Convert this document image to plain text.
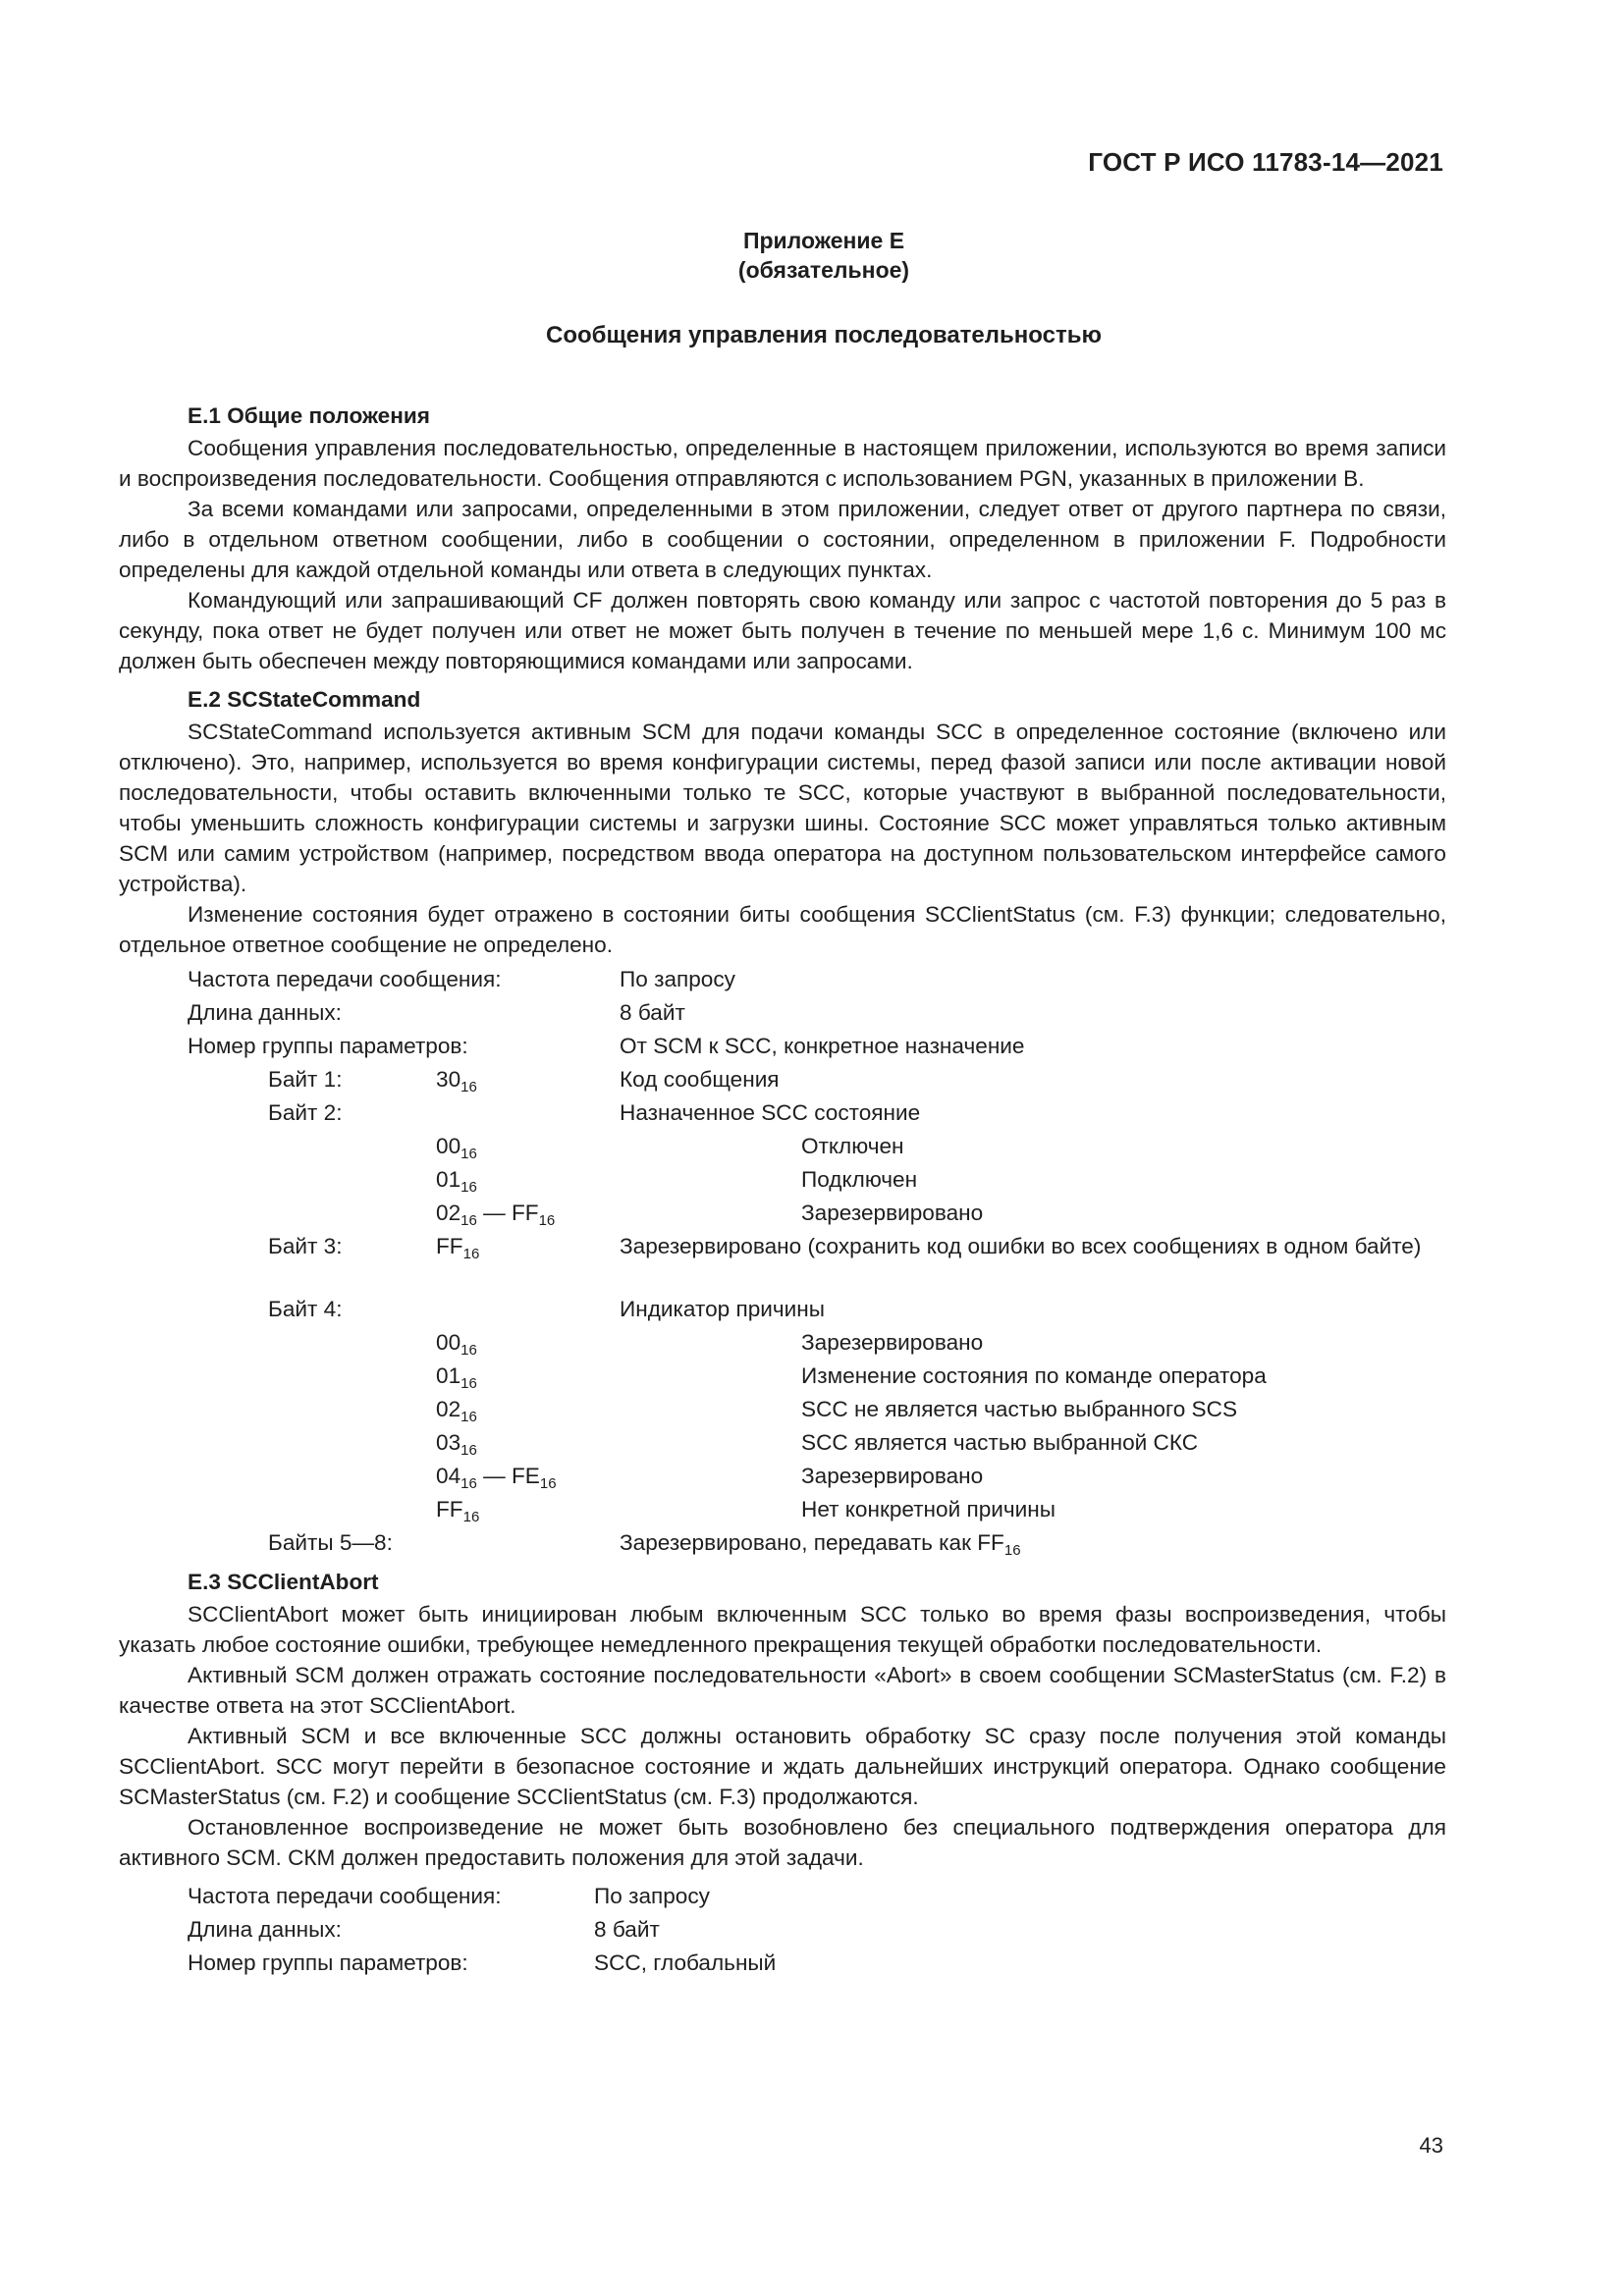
ГОСТ Р ИСО 11783-14—2021
Приложение Е
(обязательное)
Сообщения управления последовательностью
Е.1 Общие положения

Сообщения управления последовательностью, определенные в настоящем приложении, используются во время записи и воспроизведения последовательности. Сообщения отправляются с использованием PGN, указанных в приложении В.

За всеми командами или запросами, определенными в этом приложении, следует ответ от другого партнера по связи, либо в отдельном ответном сообщении, либо в сообщении о состоянии, определенном в приложении F. Подробности определены для каждой отдельной команды или ответа в следующих пунктах.

Командующий или запрашивающий CF должен повторять свою команду или запрос с частотой повторения до 5 раз в секунду, пока ответ не будет получен или ответ не может быть получен в течение по меньшей мере 1,6 с. Минимум 100 мс должен быть обеспечен между повторяющимися командами или запросами.

Е.2 SCStateCommand

SCStateCommand используется активным SCM для подачи команды SCC в определенное состояние (включено или отключено). Это, например, используется во время конфигурации системы, перед фазой записи или после активации новой последовательности, чтобы оставить включенными только те SCC, которые участвуют в выбранной последовательности, чтобы уменьшить сложность конфигурации системы и загрузки шины. Состояние SCC может управляться только активным SCM или самим устройством (например, посредством ввода оператора на доступном пользовательском интерфейсе самого устройства).

Изменение состояния будет отражено в состоянии биты сообщения SCClientStatus (см. F.3) функции; следовательно, отдельное ответное сообщение не определено.

Частота передачи сообщения:	По запросу
Длина данных:	8 байт
Номер группы параметров:	От SCM к SCC, конкретное назначение
Байт 1:	$30_{16}$	Код сообщения
Байт 2:	Назначенное SCC состояние
$00_{16}$	Отключен
$01_{16}$	Подключен
$02_{16}$ — $FF_{16}$	Зарезервировано
Байт 3:	$FF_{16}$	Зарезервировано (сохранить код ошибки во всех сообщениях в одном байте)
Байт 4:	Индикатор причины
$00_{16}$	Зарезервировано
$01_{16}$	Изменение состояния по команде оператора
$02_{16}$	SCC не является частью выбранного SCS
$03_{16}$	SCC является частью выбранной СКС
$04_{16}$ — $FE_{16}$	Зарезервировано
$FF_{16}$	Нет конкретной причины
Байты 5—8:	Зарезервировано, передавать как $FF_{16}$
Е.3 SCClientAbort

SCClientAbort может быть инициирован любым включенным SCC только во время фазы воспроизведения, чтобы указать любое состояние ошибки, требующее немедленного прекращения текущей обработки последовательности.

Активный SCM должен отражать состояние последовательности «Abort» в своем сообщении SCMasterStatus (см. F.2) в качестве ответа на этот SCClientAbort.

Активный SCM и все включенные SCC должны остановить обработку SC сразу после получения этой команды SCClientAbort. SCC могут перейти в безопасное состояние и ждать дальнейших инструкций оператора. Однако сообщение SCMasterStatus (см. F.2) и сообщение SCClientStatus (см. F.3) продолжаются.

Остановленное воспроизведение не может быть возобновлено без специального подтверждения оператора для активного SCM. СКМ должен предоставить положения для этой задачи.

Частота передачи сообщения:	По запросу
Длина данных:	8 байт
Номер группы параметров:	SCC, глобальный
43
